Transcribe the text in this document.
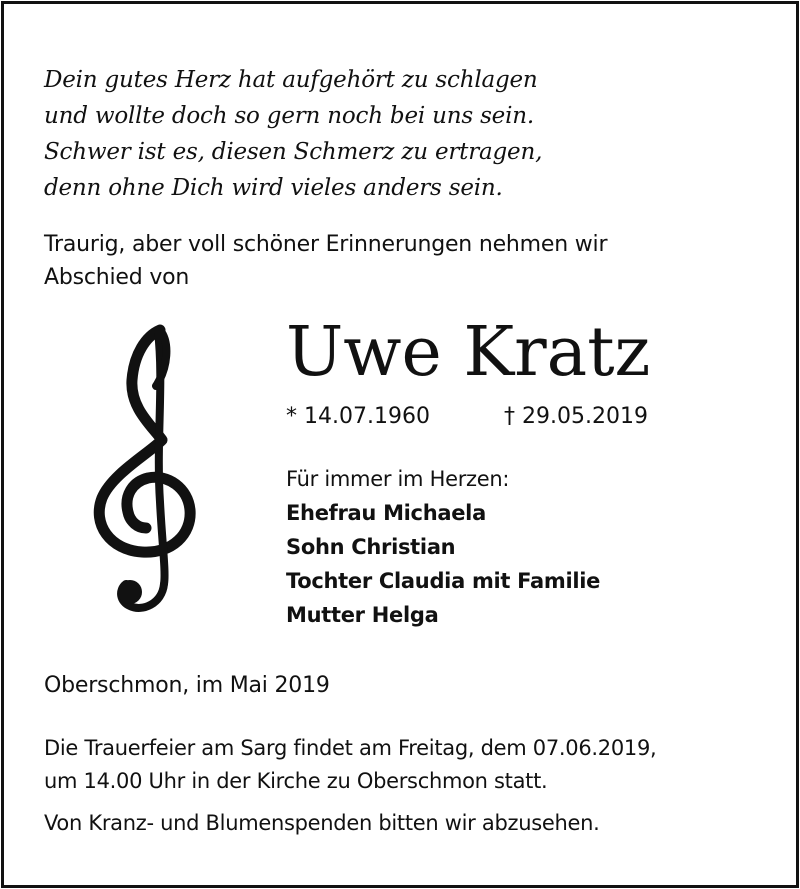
Dein gutes Herz hat aufgehört zu schlagen
und wollte doch so gern noch bei uns sein.
Schwer ist es, diesen Schmerz zu ertragen,
denn ohne Dich wird vieles anders sein.
Traurig, aber voll schöner Erinnerungen nehmen wir
Abschied von
Uwe Kratz
* 14.07.1960	† 29.05.2019
Für immer im Herzen:
Ehefrau Michaela
Sohn Christian
Tochter Claudia mit Familie
Mutter Helga
Oberschmon, im Mai 2019
Die Trauerfeier am Sarg findet am Freitag, dem 07.06.2019,
um 14.00 Uhr in der Kirche zu Oberschmon statt.
Von Kranz- und Blumenspenden bitten wir abzusehen.
